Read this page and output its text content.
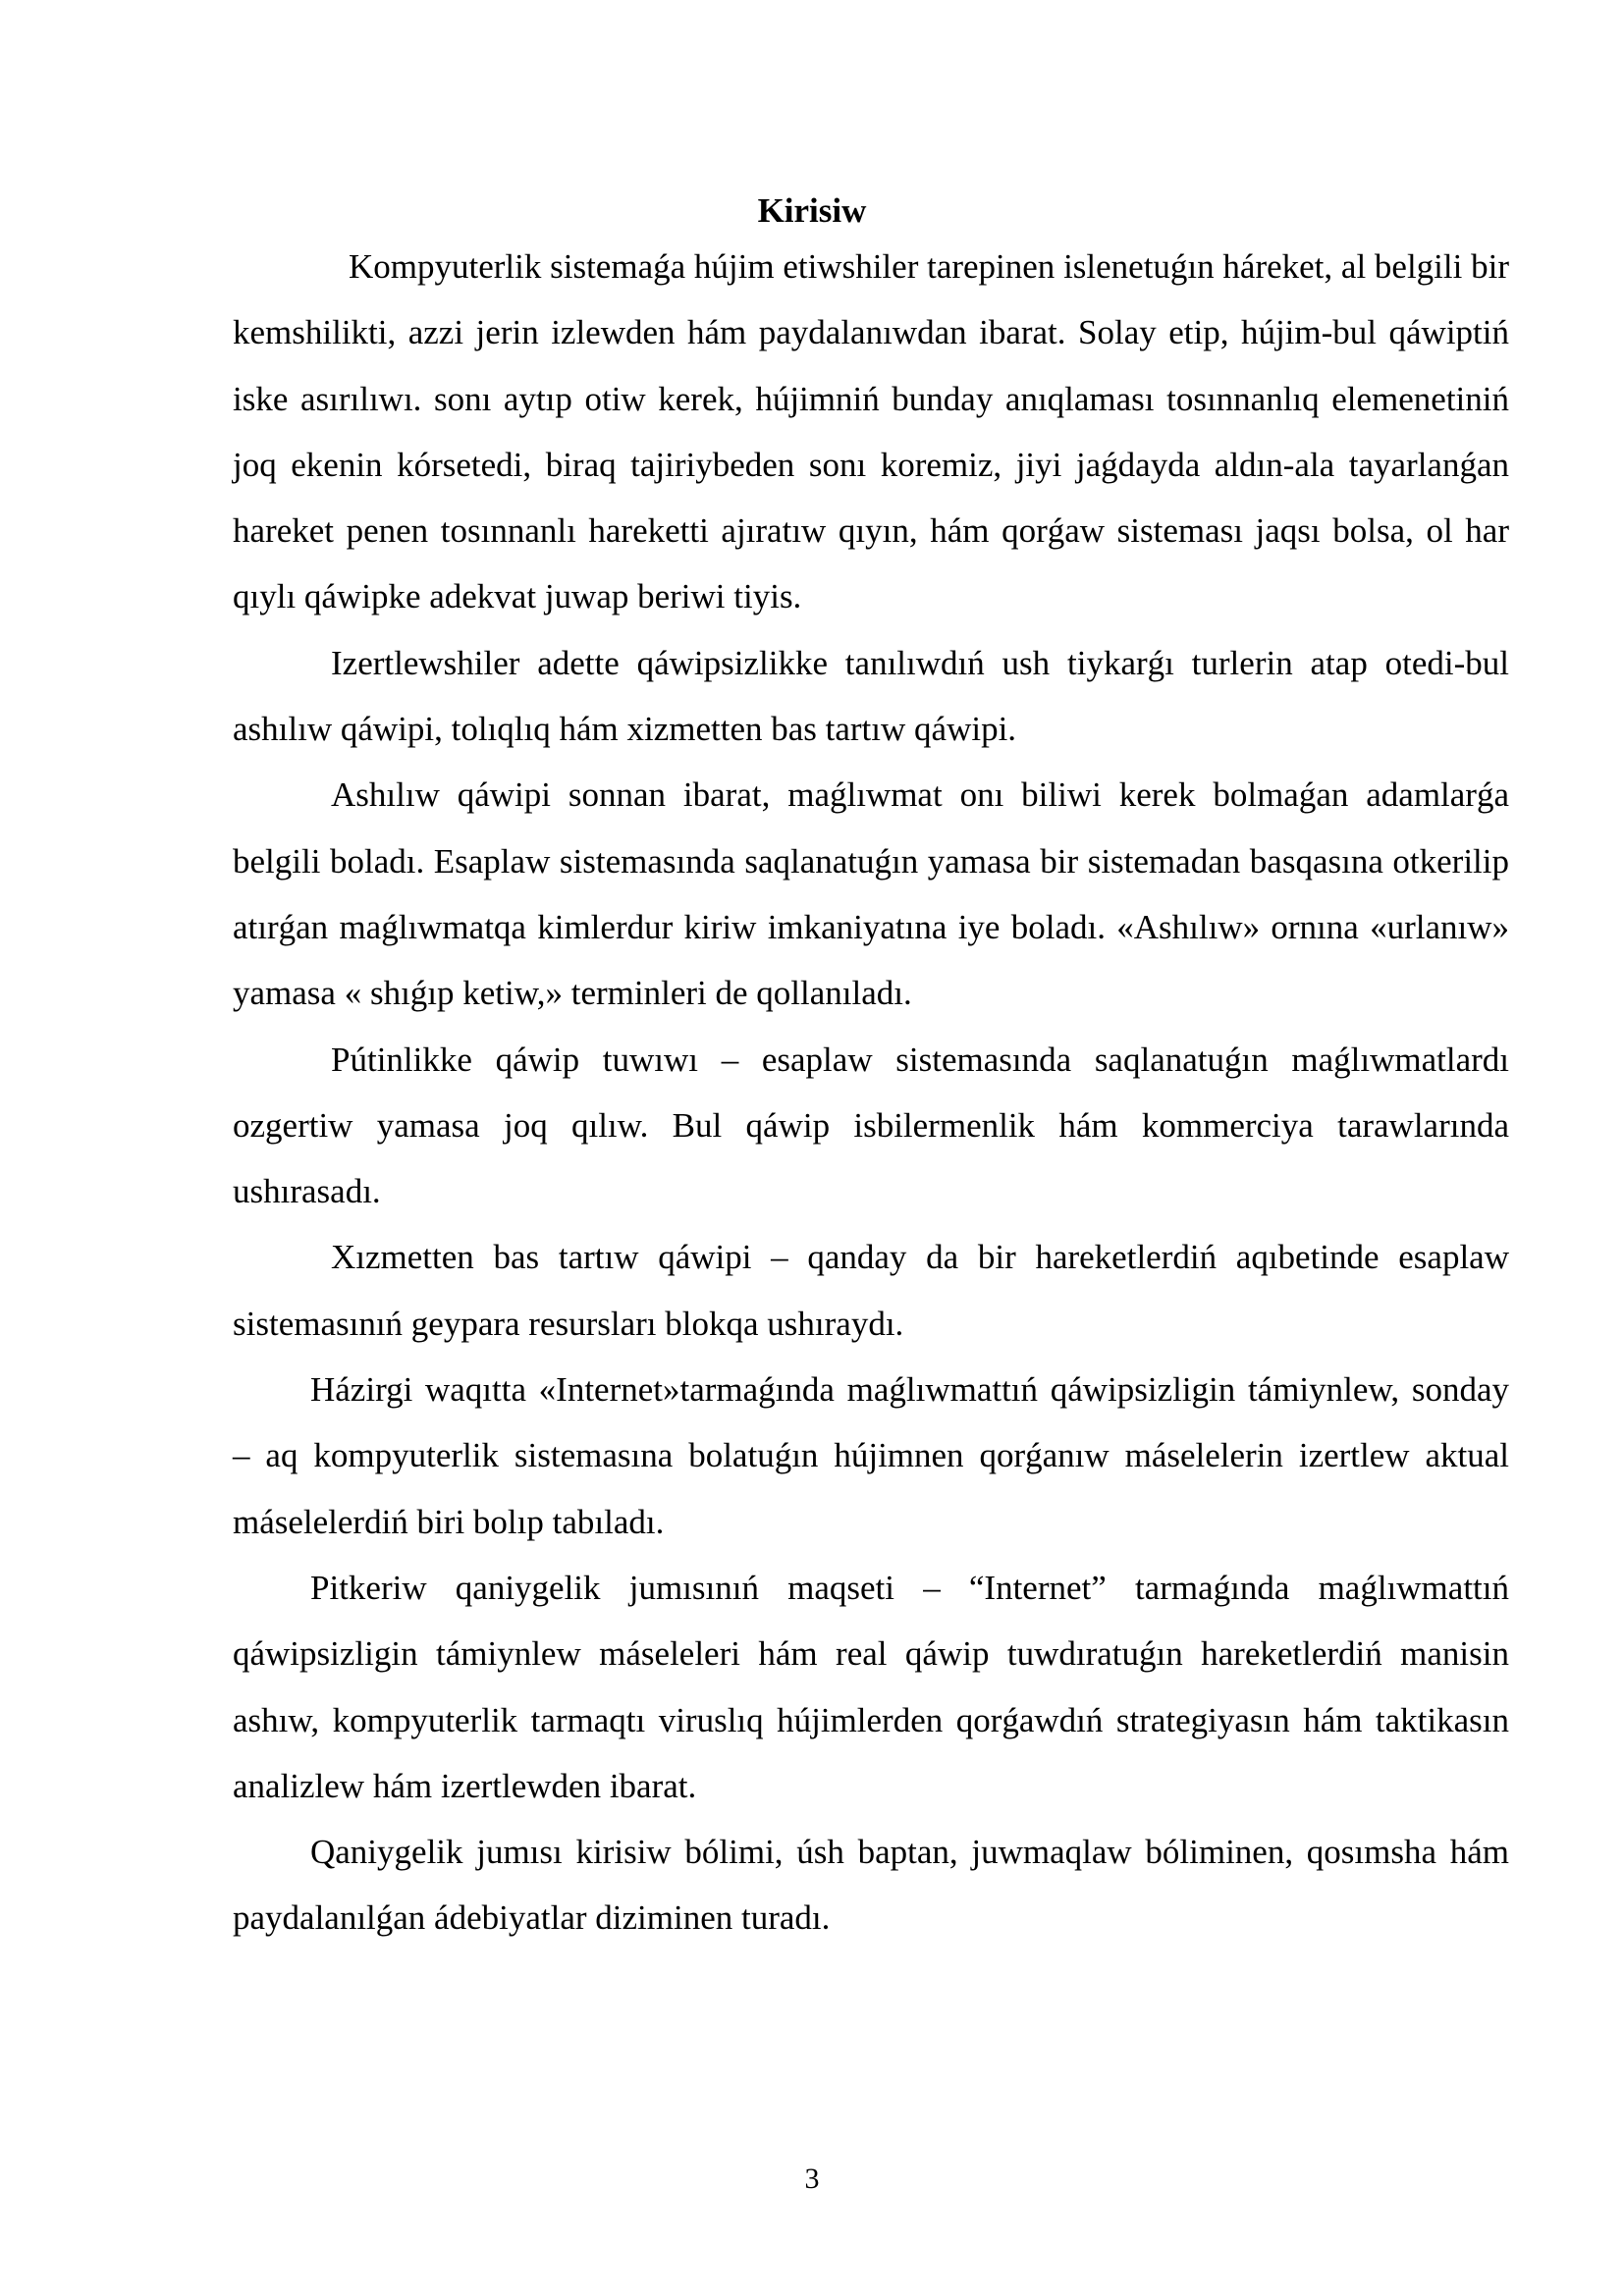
Kirisiw

Kompyuterlik sistemaǵa hújim etiwshiler tarepinen islenetuǵın háreket, al belgili bir kemshilikti, azzi jerin izlewden hám paydalanıwdan ibarat. Solay etip, hújim-bul qáwiptiń iske asırılıwı. sonı aytıp otiw kerek, hújimniń bunday anıqlaması tosınnanlıq elemenetiniń joq ekenin kórsetedi, biraq tajiriybeden sonı koremiz, jiyi jaǵdayda aldın-ala tayarlanǵan hareket penen tosınnanlı hareketti ajıratıw qıyın, hám qorǵaw sisteması jaqsı bolsa, ol har qıylı qáwipke adekvat juwap beriwi tiyis.

Izertlewshiler adette qáwipsizlikke tanılıwdıń ush tiykarǵı turlerin atap otedi-bul ashılıw qáwipi, tolıqlıq hám xizmetten bas tartıw qáwipi.

Ashılıw qáwipi sonnan ibarat, maǵlıwmat onı biliwi kerek bolmaǵan adamlarǵa belgili boladı. Esaplaw sistemasında saqlanatuǵın yamasa bir sistemadan basqasına otkerilip atırǵan maǵlıwmatqa kimlerdur kiriw imkaniyatına iye boladı. «Ashılıw» ornına «urlanıw» yamasa « shıǵıp ketiw,» terminleri de qollanıladı.

Pútinlikke qáwip tuwıwı – esaplaw sistemasında saqlanatuǵın maǵlıwmatlardı ozgertiw yamasa joq qılıw. Bul qáwip isbilermenlik hám kommerciya tarawlarında ushırasadı.

Xızmetten bas tartıw qáwipi – qanday da bir hareketlerdiń aqıbetinde esaplaw sistemasınıń geypara resursları blokqa ushıraydı.

Házirgi waqıtta «Internet»tarmaǵında maǵlıwmattıń qáwipsizligin támiynlew, sonday – aq kompyuterlik sistemasına bolatuǵın hújimnen qorǵanıw máselelerin izertlew aktual máselelerdiń biri bolıp tabıladı.

Pitkeriw qaniygelik jumısınıń maqseti – “Internet” tarmaǵında maǵlıwmattıń qáwipsizligin támiynlew máseleleri hám real qáwip tuwdıratuǵın hareketlerdiń manisin ashıw, kompyuterlik tarmaqtı viruslıq hújimlerden qorǵawdıń strategiyasın hám taktikasın analizlew hám izertlewden ibarat.

Qaniygelik jumısı kirisiw bólimi, úsh baptan, juwmaqlaw bóliminen, qosımsha hám paydalanılǵan ádebiyatlar diziminen turadı.

3
